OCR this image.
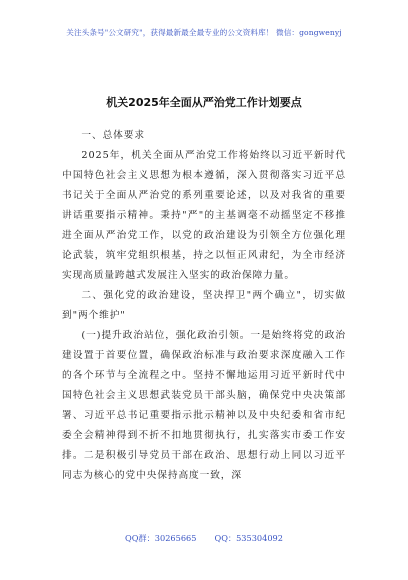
关注头条号"公文研究"，获得最新最全最专业的公文资料库！ 微信：gongwenyj
机关2025年全面从严治党工作计划要点

一、总体要求

2025年，机关全面从严治党工作将始终以习近平新时代中国特色社会主义思想为根本遵循，深入贯彻落实习近平总书记关于全面从严治党的系列重要论述，以及对我省的重要讲话重要指示精神。秉持"严"的主基调毫不动摇坚定不移推进全面从严治党工作，以党的政治建设为引领全方位强化理论武装，筑牢党组织根基，持之以恒正风肃纪，为全市经济实现高质量跨越式发展注入坚实的政治保障力量。

二、强化党的政治建设，坚决捍卫"两个确立"，切实做到"两个维护"

(一)提升政治站位，强化政治引领。一是始终将党的政治建设置于首要位置，确保政治标准与政治要求深度融入工作的各个环节与全流程之中。坚持不懈地运用习近平新时代中国特色社会主义思想武装党员干部头脑，确保党中央决策部署、习近平总书记重要指示批示精神以及中央纪委和省市纪委全会精神得到不折不扣地贯彻执行，扎实落实市委工作安排。二是积极引导党员干部在政治、思想行动上同以习近平同志为核心的党中央保持高度一致，深

QQ群：30265665 QQ：535304092
